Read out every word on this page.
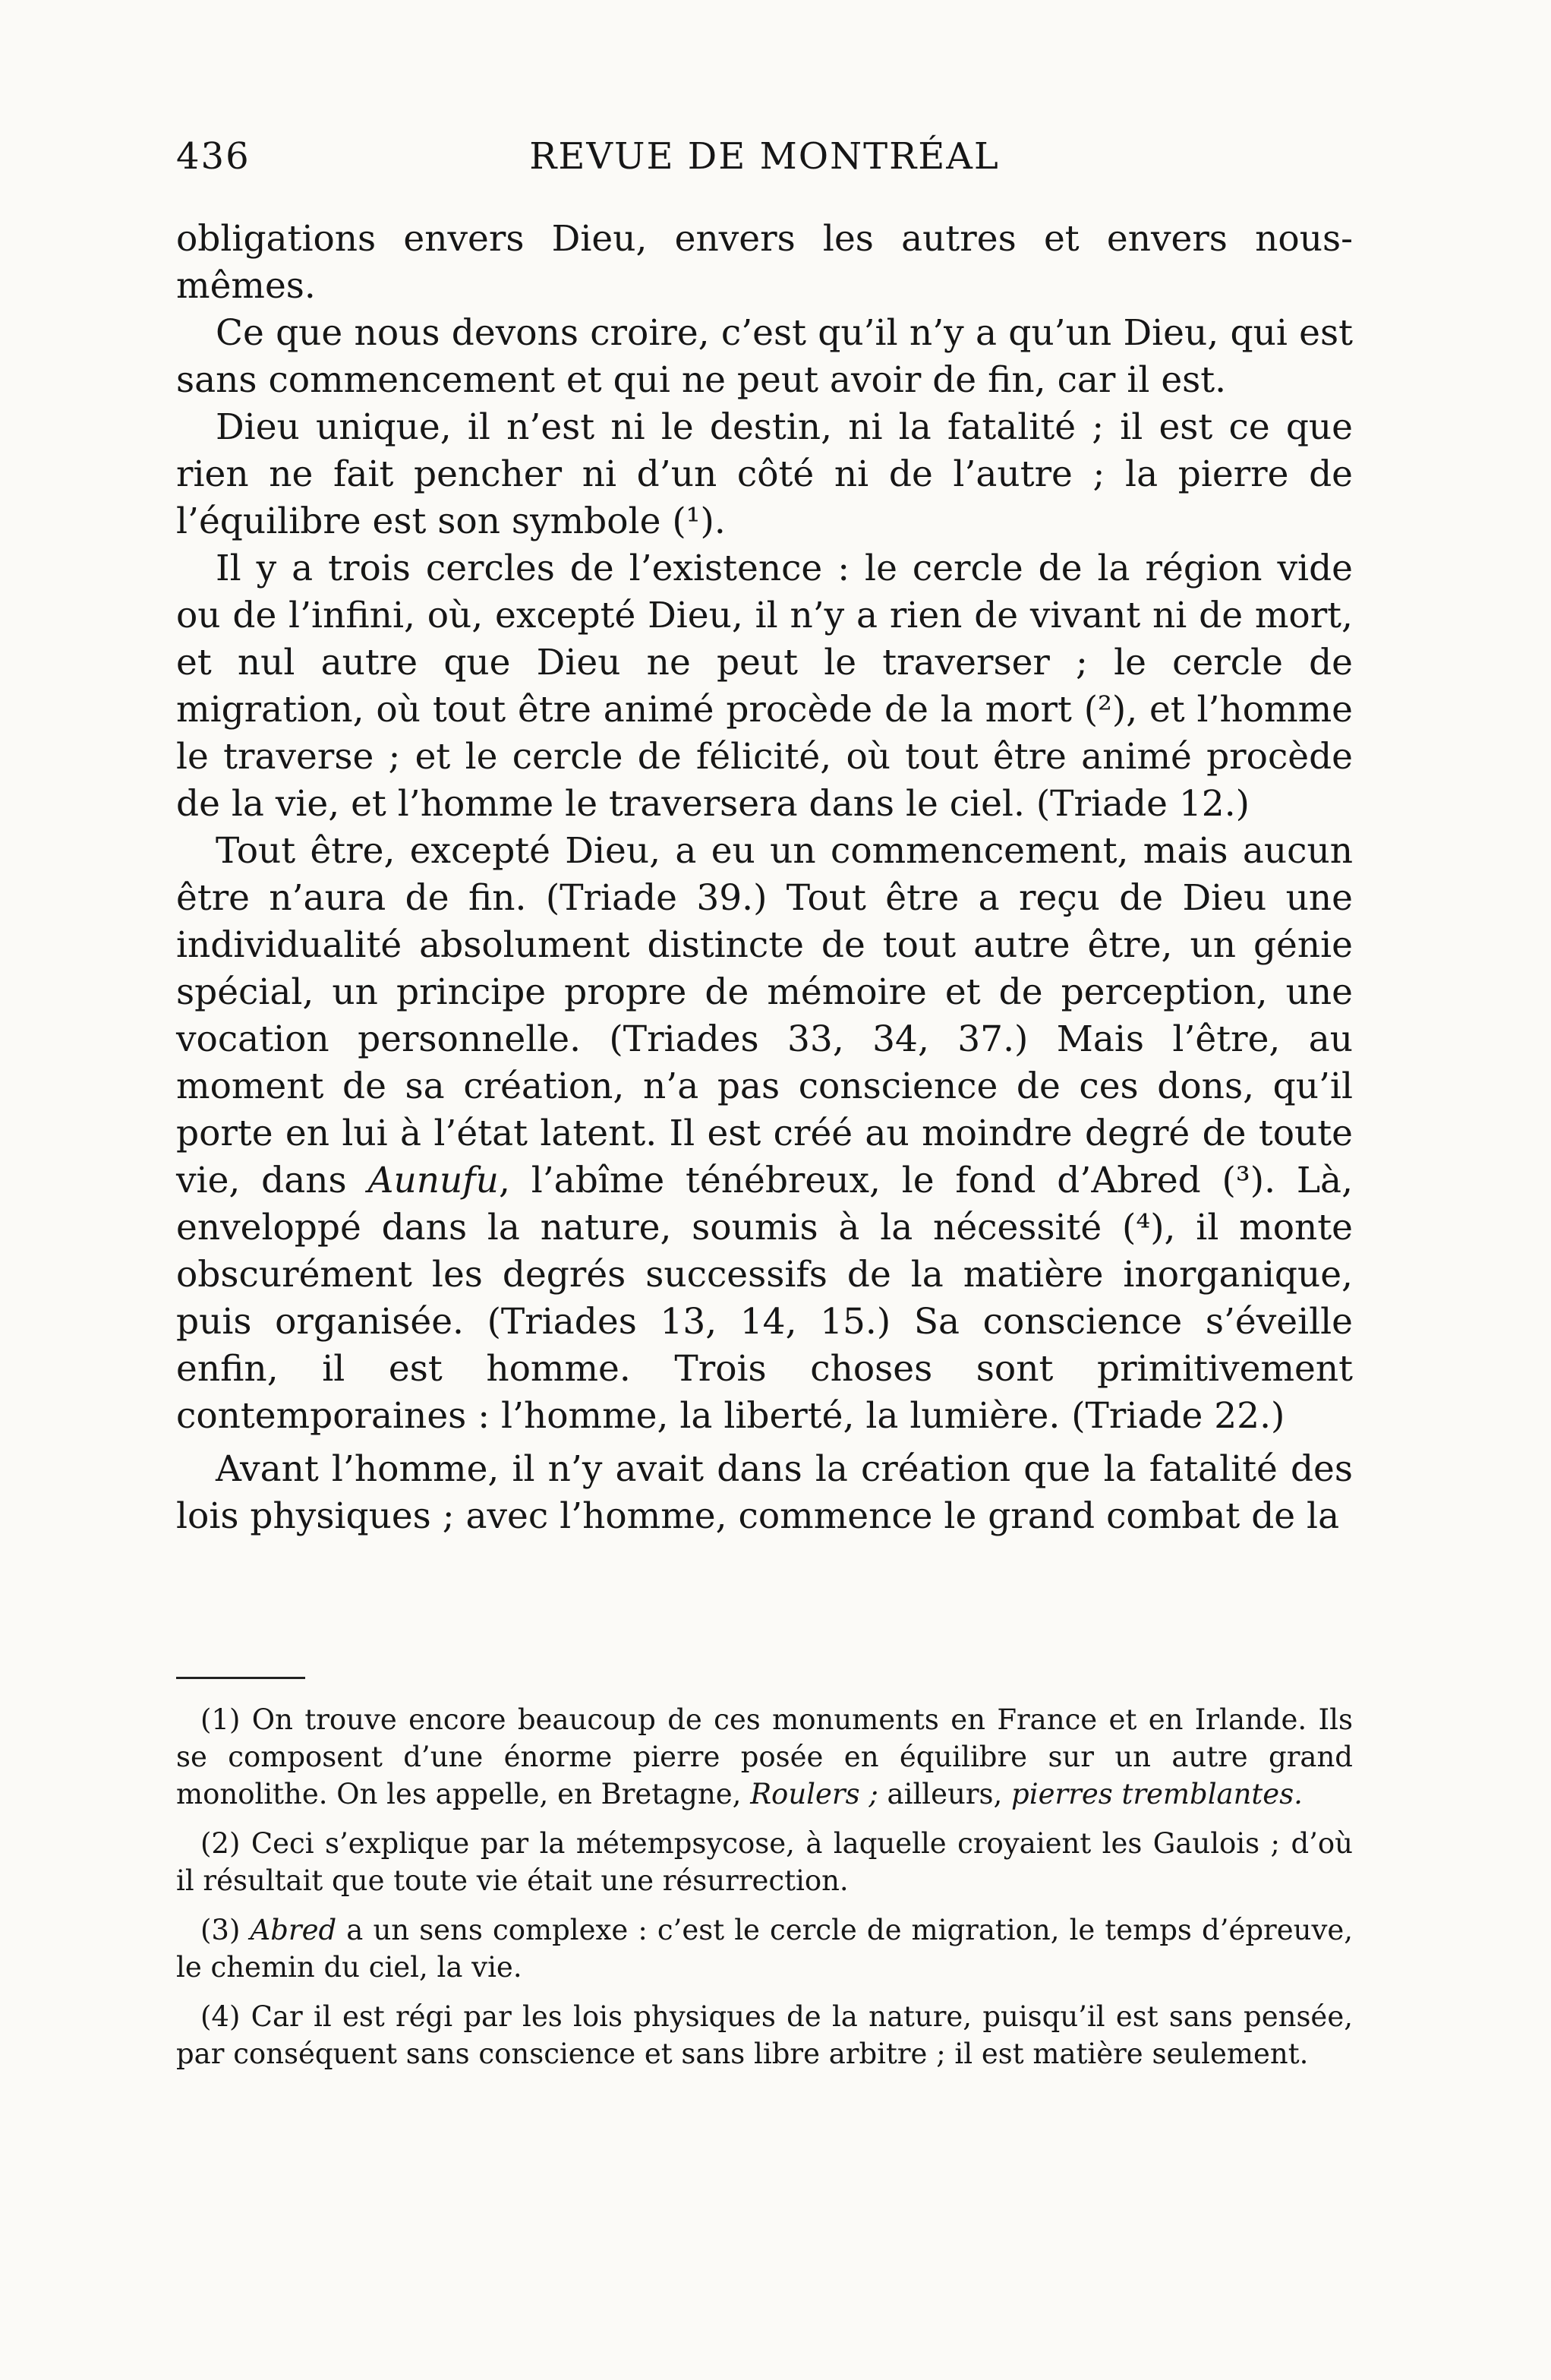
436	REVUE DE MONTRÉAL

obligations envers Dieu, envers les autres et envers nous-mêmes.

Ce que nous devons croire, c’est qu’il n’y a qu’un Dieu, qui est sans commencement et qui ne peut avoir de fin, car il est.

Dieu unique, il n’est ni le destin, ni la fatalité ; il est ce que rien ne fait pencher ni d’un côté ni de l’autre ; la pierre de l’équilibre est son symbole (¹).

Il y a trois cercles de l’existence : le cercle de la région vide ou de l’infini, où, excepté Dieu, il n’y a rien de vivant ni de mort, et nul autre que Dieu ne peut le traverser ; le cercle de migration, où tout être animé procède de la mort (²), et l’homme le traverse ; et le cercle de félicité, où tout être animé procède de la vie, et l’homme le traversera dans le ciel. (Triade 12.)

Tout être, excepté Dieu, a eu un commencement, mais aucun être n’aura de fin. (Triade 39.) Tout être a reçu de Dieu une individualité absolument distincte de tout autre être, un génie spécial, un principe propre de mémoire et de perception, une vocation personnelle. (Triades 33, 34, 37.) Mais l’être, au moment de sa création, n’a pas conscience de ces dons, qu’il porte en lui à l’état latent. Il est créé au moindre degré de toute vie, dans Aunufu, l’abîme ténébreux, le fond d’Abred (³). Là, enveloppé dans la nature, soumis à la nécessité (⁴), il monte obscurément les degrés successifs de la matière inorganique, puis organisée. (Triades 13, 14, 15.) Sa conscience s’éveille enfin, il est homme. Trois choses sont primitivement contemporaines : l’homme, la liberté, la lumière. (Triade 22.)

Avant l’homme, il n’y avait dans la création que la fatalité des lois physiques ; avec l’homme, commence le grand combat de la

(1) On trouve encore beaucoup de ces monuments en France et en Irlande. Ils se composent d’une énorme pierre posée en équilibre sur un autre grand monolithe. On les appelle, en Bretagne, Roulers ; ailleurs, pierres tremblantes.

(2) Ceci s’explique par la métempsycose, à laquelle croyaient les Gaulois ; d’où il résultait que toute vie était une résurrection.

(3) Abred a un sens complexe : c’est le cercle de migration, le temps d’épreuve, le chemin du ciel, la vie.

(4) Car il est régi par les lois physiques de la nature, puisqu’il est sans pensée, par conséquent sans conscience et sans libre arbitre ; il est matière seulement.
